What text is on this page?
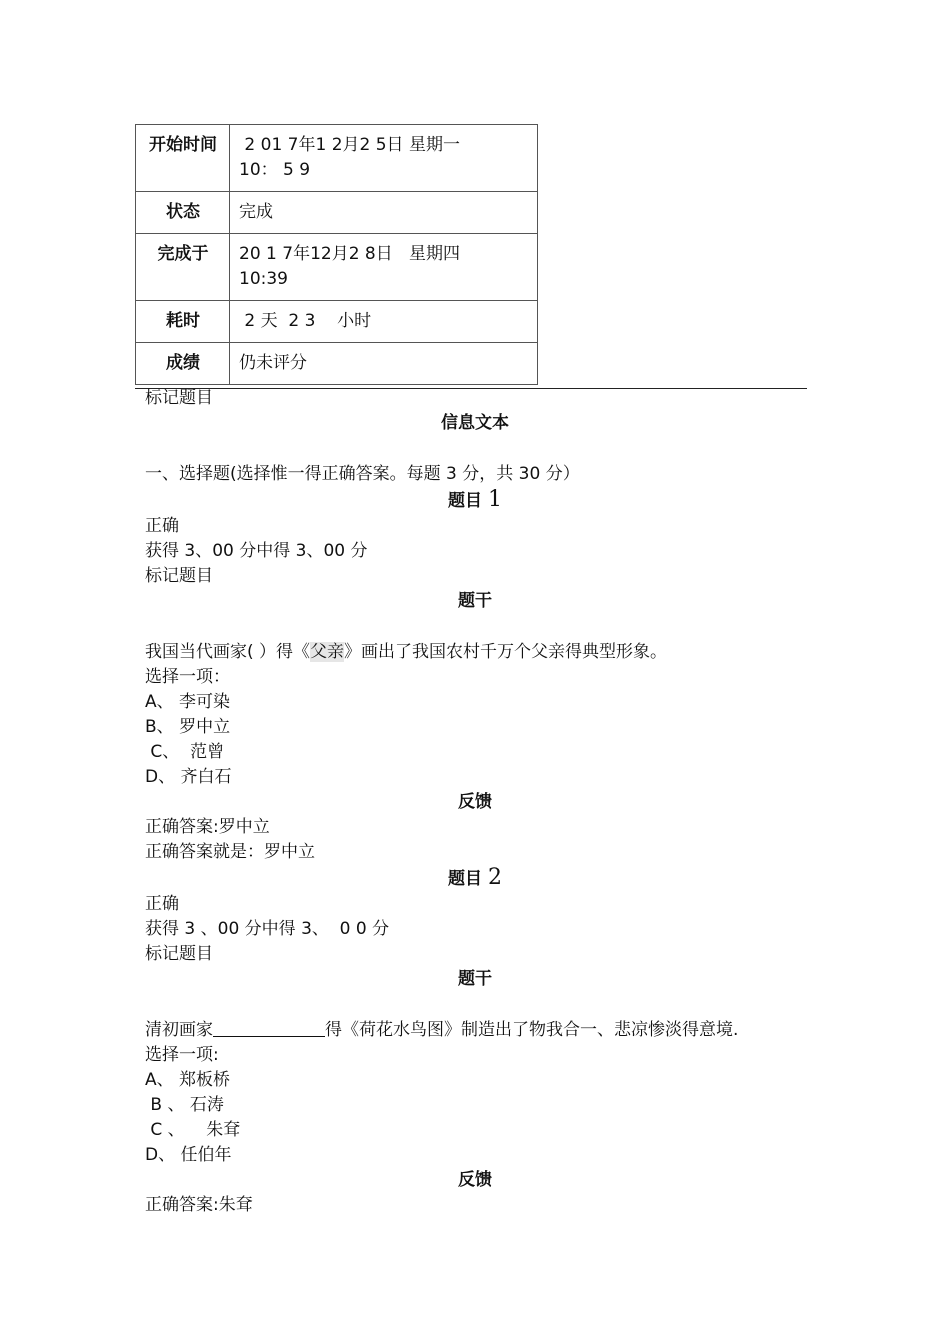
开始时间	2 01 7年1 2月2 5日 星期一
10： 5 9
状态	完成
完成于	20 1 7年12月2 8日   星期四
10:39
耗时	2 天  2 3    小时
成绩	仍未评分
标记题目
信息文本
一、选择题(选择惟一得正确答案。每题 3 分，共 30 分）
题目 1
正确
获得 3、00 分中得 3、00 分
标记题目
题干
我国当代画家( ）得《父亲》画出了我国农村千万个父亲得典型形象。
选择一项：
A、 李可染
B、 罗中立
C、  范曾
D、 齐白石
反馈
正确答案:罗中立
正确答案就是：罗中立
题目 2
正确
获得 3 、00 分中得 3、  0 0 分
标记题目
题干
清初画家	得《荷花水鸟图》制造出了物我合一、悲凉惨淡得意境.
选择一项:
A、 郑板桥
B 、 石涛
C 、    朱耷
D、 任伯年
反馈
正确答案:朱耷
